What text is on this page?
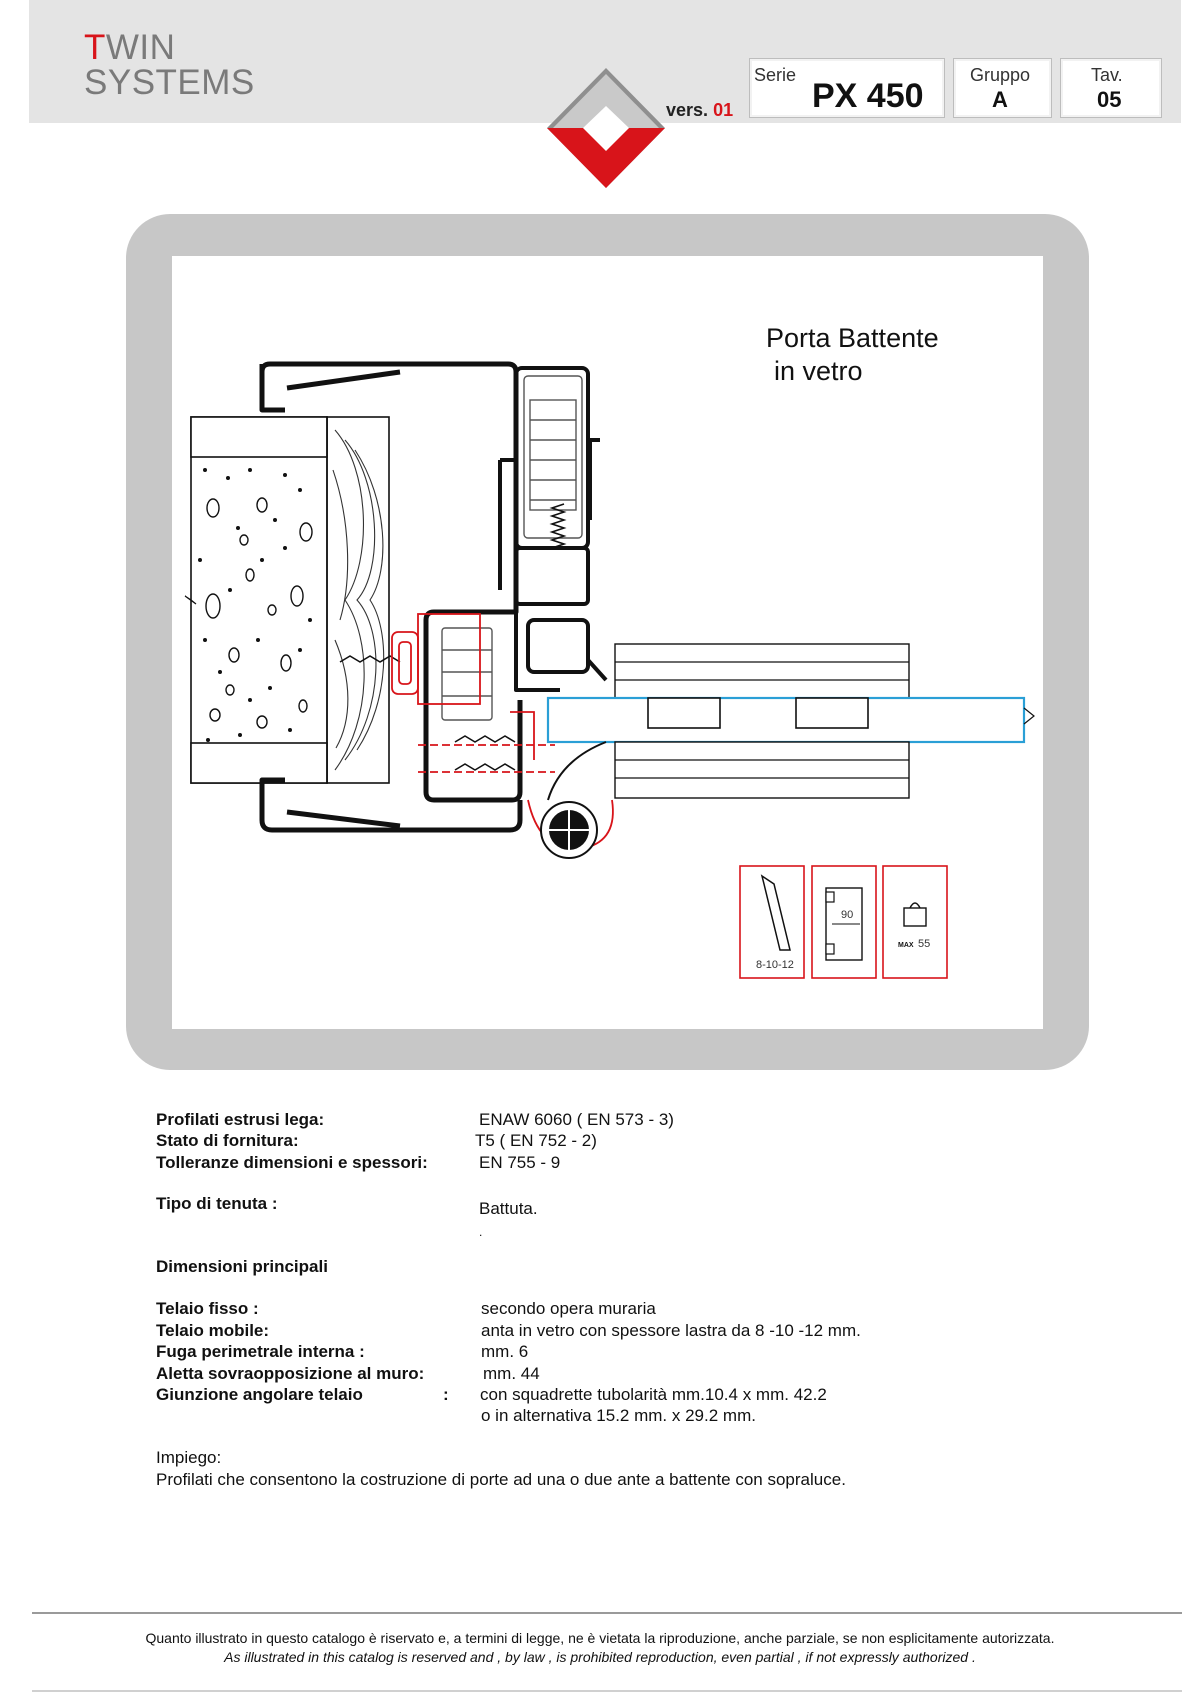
TWIN
SYSTEMS
vers. 01
Serie
PX 450
Gruppo
A
Tav.
05
Porta Battente
in vetro
8-10-12
90
MAX 55
Profilati estrusi lega:	ENAW 6060 ( EN 573 - 3)
Stato di fornitura:	T5 ( EN 752 - 2)
Tolleranze dimensioni e spessori:	EN 755 - 9
Tipo di tenuta :	Battuta.
.
Dimensioni principali
Telaio fisso :	secondo opera muraria
Telaio mobile:	anta in vetro con spessore lastra da 8 -10 -12 mm.
Fuga perimetrale interna :	mm. 6
Aletta sovraopposizione al muro:	mm. 44
Giunzione angolare telaio	: con squadrette tubolarità mm.10.4 x mm. 42.2
o in alternativa 15.2 mm. x 29.2 mm.
Impiego:
Profilati che consentono la costruzione di porte ad una o due ante a battente con sopraluce.
Quanto illustrato in questo catalogo è riservato e, a termini di legge, ne è vietata la riproduzione, anche parziale, se non esplicitamente autorizzata.
As illustrated in this catalog is reserved and , by law , is prohibited reproduction, even partial , if not expressly authorized .
